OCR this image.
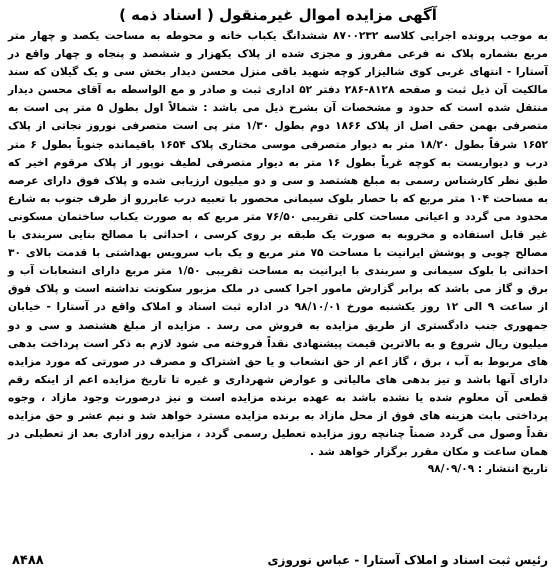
آگهی مزایده اموال غیرمنقول ( اسناد ذمه )

به موجب پرونده اجرایی کلاسه ۸۷۰۰۲۳۲ ششدانگ یکباب خانه و محوطه به مساحت یکصد و چهار متر مربع بشماره پلاک نه فرعی مفروز و مجزی شده از پلاک یکهزار و ششصد و پنجاه و چهار واقع در آستارا - انتهای غربی کوی شالیزار کوچه شهید باقی منزل محسن دیدار بخش سی و یک گیلان که سند مالکیت آن ذیل ثبت و صفحه ۸۱۲۸-۲۸۶ دفتر ۵۲ اداری ثبت و صادر و مع الواسطه به آقای محسن دیدار منتقل شده است که حدود و مشخصات آن بشرح ذیل می باشد : شمالاً اول بطول ۵ متر پی است به متصرفی بهمن حقی اصل از پلاک ۱۸۶۶ دوم بطول ۱/۳۰ متر پی است متصرفی نوروز نجاتی از پلاک ۱۶۵۲ شرقاً بطول ۱۸/۲۰ متر به دیوار متصرفی موسی مختاری پلاک ۱۶۵۴ باقیمانده جنوباً بطول ۶ متر درب و دیواریست به کوچه غرباً بطول ۱۶ متر به دیوار متصرفی لطیف نوپور از پلاک مرقوم اخیر که طبق نظر کارشناس رسمی به مبلغ هشتصد و سی و دو میلیون ارزیابی شده و پلاک فوق دارای عرصه به مساحت ۱۰۴ متر مربع که با حصار بلوک سیمانی محصور با تعبیه درب عابررو از طرف جنوب به شارع محدود می گردد و اعیانی مساحت کلی تقریبی ۷۶/۵۰ متر مربع که به صورت یکباب ساختمان مسکونی غیر قابل استفاده و مخروبه به صورت یک طبقه بر روی کرسی ، احداثی با مصالح بنایی سربندی با مصالح چوبی و پوشش ایرانیت با مساحت ۷۵ متر مربع و یک باب سرویس بهداشتی با قدمت بالای ۳۰ احداثی با بلوک سیمانی و سربندی با ایرانیت به مساحت تقریبی ۱/۵۰ متر مربع دارای انشعابات آب و برق و گاز می باشد که برابر گزارش مامور اجرا کسی در ملک مزبور سکونت نداشته است و پلاک فوق از ساعت ۹ الی ۱۲ روز یکشنبه مورخ ۹۸/۱۰/۰۱ در اداره ثبت اسناد و املاک واقع در آستارا - خیابان جمهوری جنب دادگستری از طریق مزایده به فروش می رسد . مزایده از مبلغ هشتصد و سی و دو میلیون ریال شروع و به بالاترین قیمت پیشنهادی نقداً فروخته می شود لازم به ذکر است پرداخت بدهی های مربوط به آب ، برق ، گاز اعم از حق انشعاب و یا حق اشتراک و مصرف در صورتی که مورد مزایده دارای آنها باشد و نیز بدهی های مالیاتی و عوارض شهرداری و غیره تا تاریخ مزایده اعم از اینکه رقم قطعی آن معلوم شده یا نشده باشد به عهده برنده مزایده است و نیز درصورت وجود مازاد ، وجوه پرداختی بابت هزینه های فوق از محل مازاد به برنده مزایده مسترد خواهد شد و نیم عشر و حق مزایده نقداً وصول می گردد ضمناً چنانچه روز مزایده تعطیل رسمی گردد ، مزایده روز اداری بعد از تعطیلی در همان ساعت و مکان مقرر برگزار خواهد شد .

تاریخ انتشار : ۹۸/۰۹/۰۹
۸۴۸۸	رئیس ثبت اسناد و املاک آستارا - عباس نوروزی
